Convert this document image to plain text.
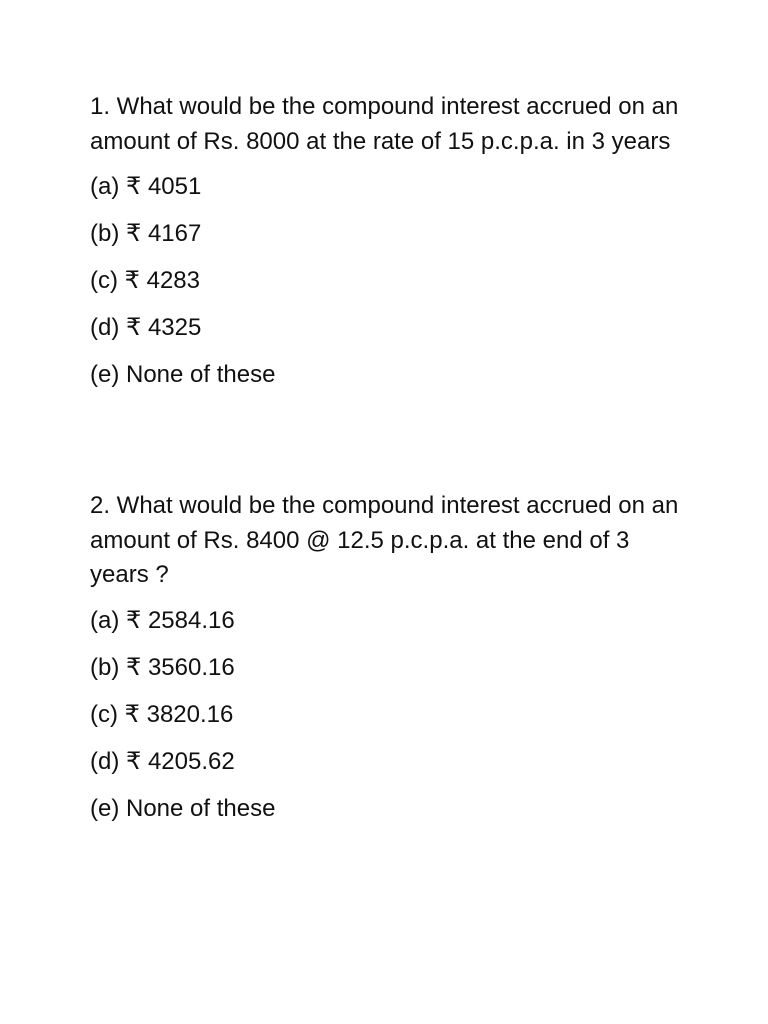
1. What would be the compound interest accrued on an amount of Rs. 8000 at the rate of 15 p.c.p.a. in 3 years

(a) ₹ 4051
(b) ₹ 4167
(c) ₹ 4283
(d) ₹ 4325
(e) None of these

2. What would be the compound interest accrued on an amount of Rs. 8400 @ 12.5 p.c.p.a. at the end of 3 years ?

(a) ₹ 2584.16
(b) ₹ 3560.16
(c) ₹ 3820.16
(d) ₹ 4205.62
(e) None of these
